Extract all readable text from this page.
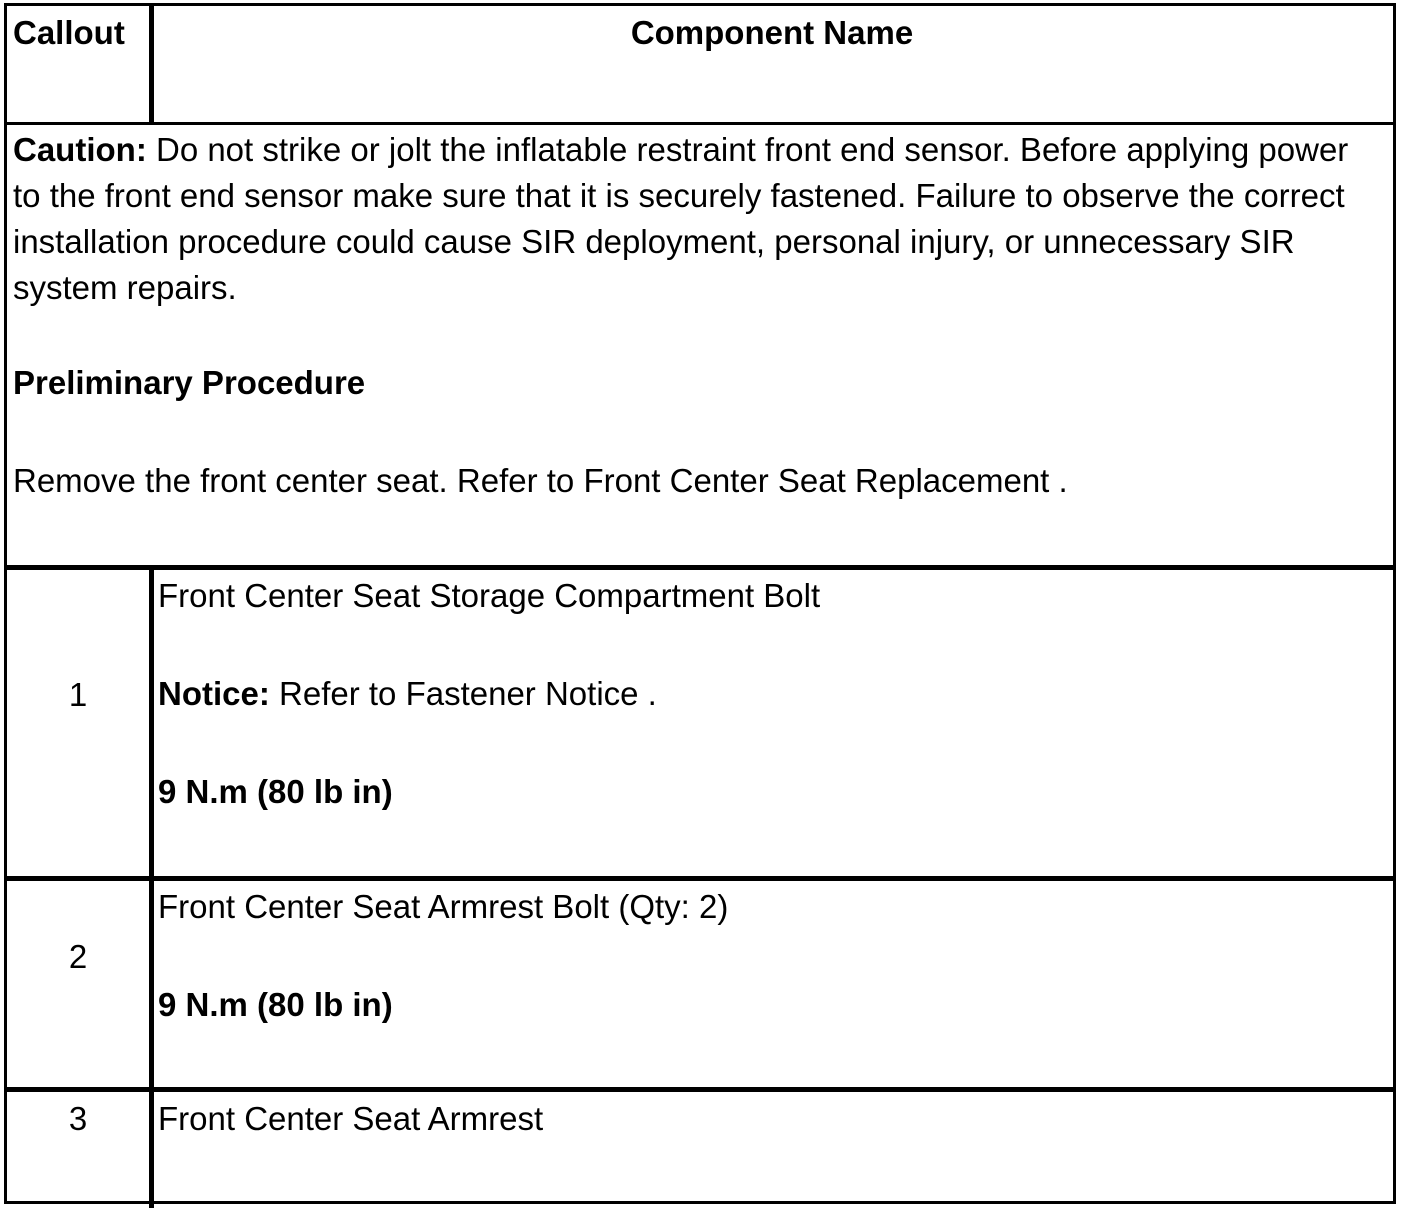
Callout	Component Name

Caution: Do not strike or jolt the inflatable restraint front end sensor. Before applying power to the front end sensor make sure that it is securely fastened. Failure to observe the correct installation procedure could cause SIR deployment, personal injury, or unnecessary SIR system repairs.

Preliminary Procedure
Remove the front center seat. Refer to Front Center Seat Replacement .
1

Front Center Seat Storage Compartment Bolt

Notice: Refer to Fastener Notice .

9 N.m (80 lb in)

2

Front Center Seat Armrest Bolt (Qty: 2)

9 N.m (80 lb in)

3	Front Center Seat Armrest
